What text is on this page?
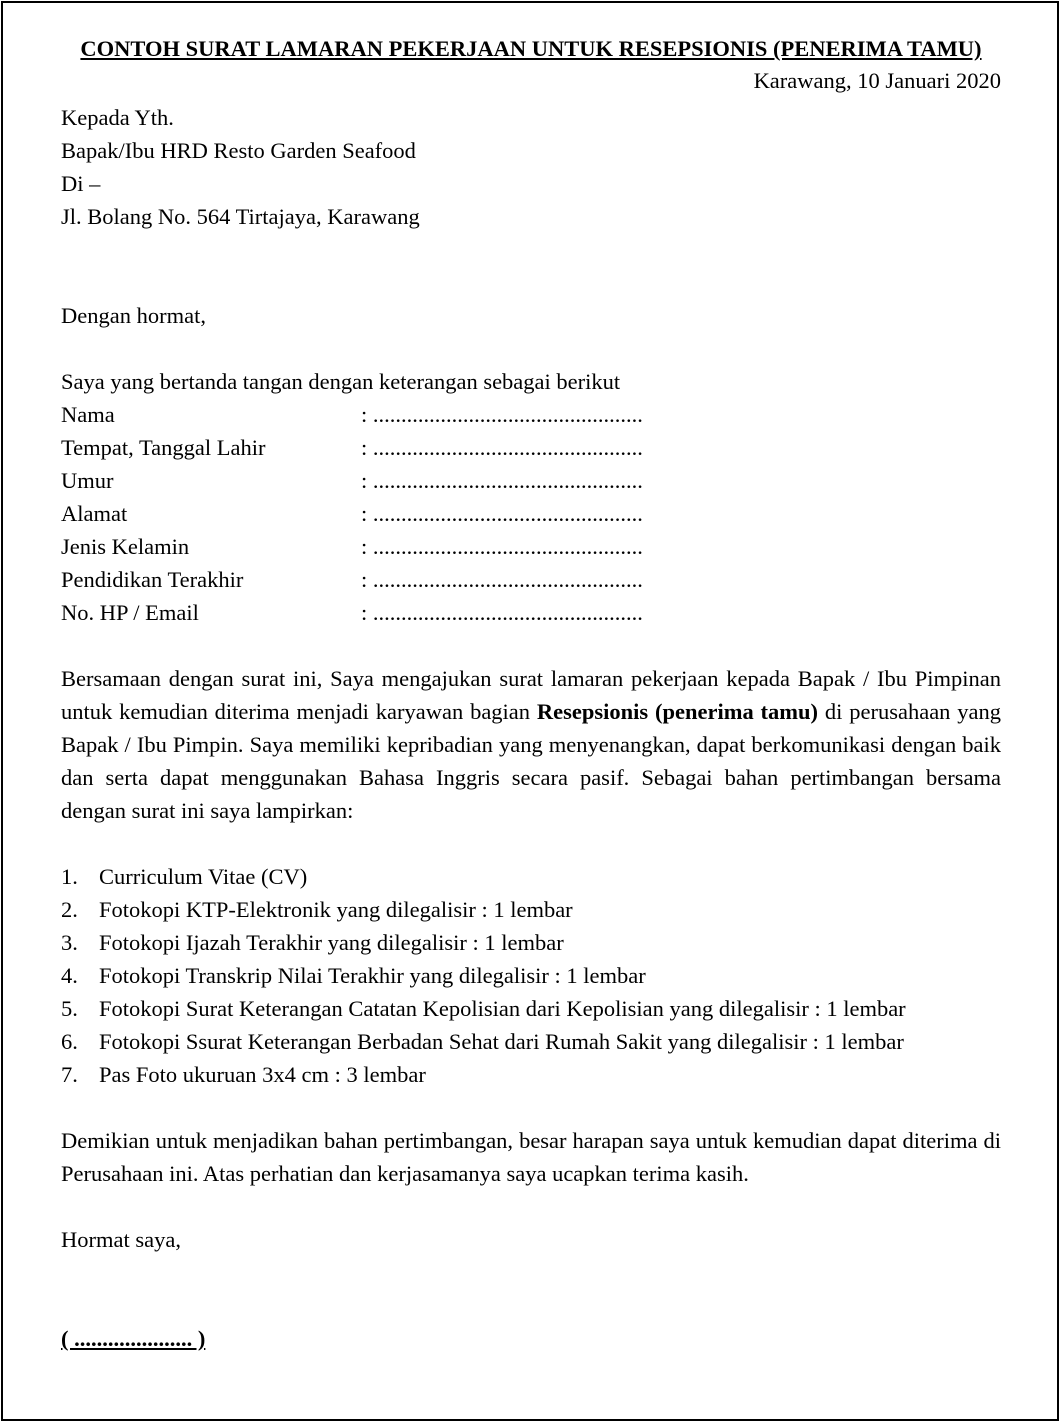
CONTOH SURAT LAMARAN PEKERJAAN UNTUK RESEPSIONIS (PENERIMA TAMU)
Karawang, 10 Januari 2020
Kepada Yth.
Bapak/Ibu HRD Resto Garden Seafood
Di –
Jl. Bolang No. 564 Tirtajaya, Karawang
Dengan hormat,
Saya yang bertanda tangan dengan keterangan sebagai berikut
Nama	: ................................................
Tempat, Tanggal Lahir	: ................................................
Umur	: ................................................
Alamat	: ................................................
Jenis Kelamin	: ................................................
Pendidikan Terakhir	: ................................................
No. HP / Email	: ................................................
Bersamaan dengan surat ini, Saya mengajukan surat lamaran pekerjaan kepada Bapak / Ibu Pimpinan untuk kemudian diterima menjadi karyawan bagian Resepsionis (penerima tamu) di perusahaan yang Bapak / Ibu Pimpin. Saya memiliki kepribadian yang menyenangkan, dapat berkomunikasi dengan baik dan serta dapat menggunakan Bahasa Inggris secara pasif. Sebagai bahan pertimbangan bersama dengan surat ini saya lampirkan:
1. Curriculum Vitae (CV)
2. Fotokopi KTP-Elektronik yang dilegalisir : 1 lembar
3. Fotokopi Ijazah Terakhir yang dilegalisir : 1 lembar
4. Fotokopi Transkrip Nilai Terakhir yang dilegalisir : 1 lembar
5. Fotokopi Surat Keterangan Catatan Kepolisian dari Kepolisian yang dilegalisir : 1 lembar
6. Fotokopi Ssurat Keterangan Berbadan Sehat dari Rumah Sakit yang dilegalisir : 1 lembar
7. Pas Foto ukuruan 3x4 cm : 3 lembar
Demikian untuk menjadikan bahan pertimbangan, besar harapan saya untuk kemudian dapat diterima di Perusahaan ini. Atas perhatian dan kerjasamanya saya ucapkan terima kasih.
Hormat saya,
( ..................... )
